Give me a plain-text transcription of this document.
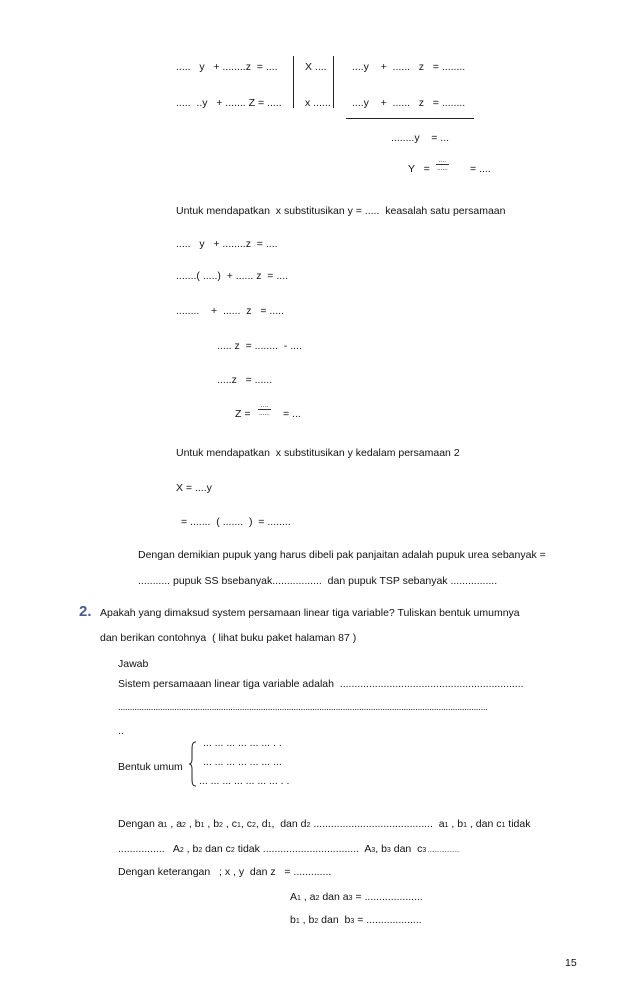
.....   y   + ........z  = ....	X .... ....y    +  ......   z   = ........
.....  ..y   + ....... Z = ..... x ...... ....y    +  ......   z   = ........
........y    = ...
Y   =
....
...... = ....
Untuk mendapatkan  x substitusikan y = .....  keasalah satu persamaan
.....   y   + ........z  = ....
.......( .....)  + ...... z  = ....
........    +  ......  z   = .....
..... z  = ........  - ....
.....z   = ......
Z =
....
...... = ...
Untuk mendapatkan  x substitusikan y kedalam persamaan 2
X = ....y
= .......  ( .......  )  = ........
Dengan demikian pupuk yang harus dibeli pak panjaitan adalah pupuk urea sebanyak =
........... pupuk SS bsebanyak.................  dan pupuk TSP sebanyak ................
2. Apakah yang dimaksud system persamaan linear tiga variable? Tuliskan bentuk umumnya
dan berikan contohnya  ( lihat buku paket halaman 87 )
Jawab
Sistem persamaaan linear tiga variable adalah  ...............................................................
..............................................................................................................................................................
..
Bentuk umum
... ... ... ... ... ... . .
... ... ... ... ... ... ...
... ... ... ... ... ... ... . .
Dengan a1 , a2 , b1 , b2 , c1, c2, d1,  dan d2 .........................................  a1 , b1 , dan c1 tidak
................   A2 , b2 dan c2 tidak .................................  A3, b3 dan  c3 ...................
Dengan keterangan   ; x , y  dan z   = .............
A1 , a2 dan a3 = ....................
b1 , b2 dan  b3 = ...................
15
